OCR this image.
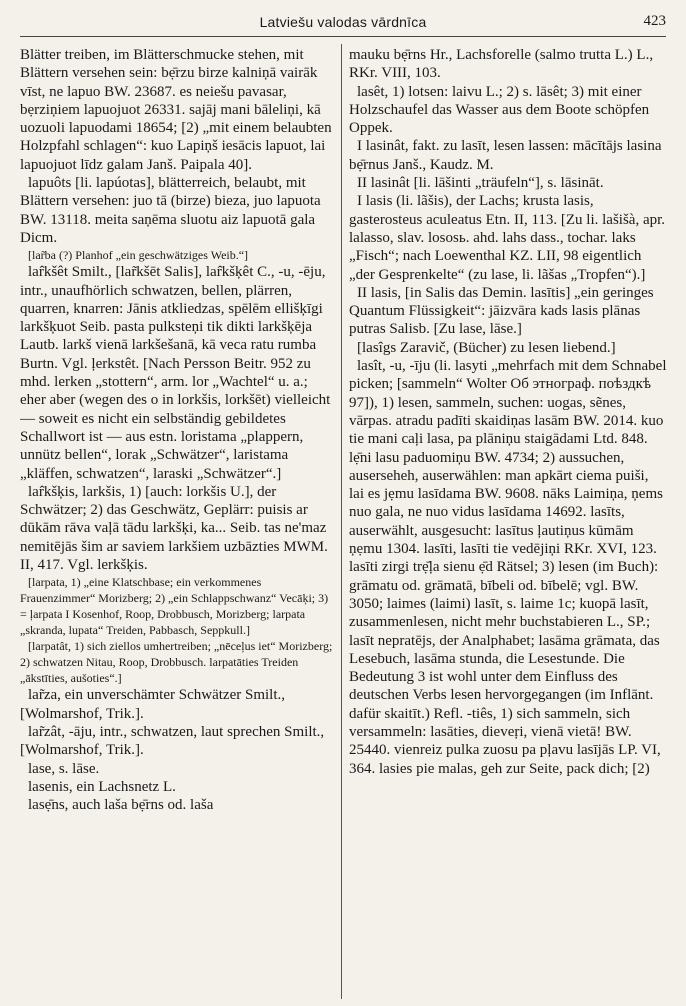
Latviešu valodas vārdnīca	423

Blätter treiben, im Blätterschmucke stehen, mit Blättern versehen sein: bẹ̄rzu birze kalniņā vairāk vīst, ne lapuo BW. 23687. es neiešu pavasar, bẹrziņiem lapuojuot 26331. sajāj mani bāleliņi, kā uozuoli lapuodami 18654; [2) „mit einem belaubten Holzpfahl schlagen“: kuo Lapiņš iesācis lapuot, lai lapuojuot līdz galam Janš. Paipala 40].

lapuôts [li. lapúotas], blätterreich, belaubt, mit Blättern versehen: juo tā (birze) bieza, juo lapuota BW. 13118. meita saņēma sluotu aiz lapuotā gala Dicm.

[lar̃ba (?) Planhof „ein geschwätziges Weib.“]

lar̂kšêt Smilt., [lar̃kšēt Salis], lar̂kšķêt C., -u, -ēju, intr., unaufhörlich schwatzen, bellen, plärren, quarren, knarren: Jānis atkliedzas, spēlēm ellišķīgi larkšķuot Seib. pasta pulksteņi tik dikti larkšķēja Lautb. larkš vienā larkšešanā, kā veca ratu rumba Burtn. Vgl. ļerkstêt. [Nach Persson Beitr. 952 zu mhd. lerken „stottern“, arm. lor „Wachtel“ u. a.; eher aber (wegen des o in lorkšis, lorkšēt) vielleicht — soweit es nicht ein selbständig gebildetes Schallwort ist — aus estn. loristama „plappern, unnütz bellen“, lorak „Schwätzer“, laristama „kläffen, schwatzen“, laraski „Schwätzer“.]

lar̂kšķis, larkšis, 1) [auch: lorkšis U.], der Schwätzer; 2) das Geschwätz, Geplärr: puisis ar dūkām rāva vaļā tādu larkšķi, ka... Seib. tas ne'maz nemitējās šim ar saviem larkšiem uzbāzties MWM. II, 417. Vgl. lerkšķis.

[larpata, 1) „eine Klatschbase; ein verkommenes Frauenzimmer“ Morizberg; 2) „ein Schlappschwanz“ Vecāķi; 3) = ļarpata I Kosenhof, Roop, Drobbusch, Morizberg; larpata „skranda, lupata“ Treiden, Pabbasch, Seppkull.]

[larpatât, 1) sich ziellos umhertreiben; „nēceļus iet“ Morizberg; 2) schwatzen Nitau, Roop, Drobbusch. larpatāties Treiden „ākstīties, aušoties“.]

lar̃za, ein unverschämter Schwätzer Smilt., [Wolmarshof, Trik.].

lar̃zât, -āju, intr., schwatzen, laut sprechen Smilt., [Wolmarshof, Trik.].

lase, s. lāse.

lasenis, ein Lachsnetz L.

lasẹ̄ns, auch laša bẹ̄rns od. laša

mauku bẹ̄rns Hr., Lachsforelle (salmo trutta L.) L., RKr. VIII, 103.

lasêt, 1) lotsen: laivu L.; 2) s. lāsêt; 3) mit einer Holzschaufel das Wasser aus dem Boote schöpfen Oppek.

I lasinât, fakt. zu lasīt, lesen lassen: mācītājs lasina bẹ̄rnus Janš., Kaudz. M.

II lasinât [li. lāšinti „träufeln“], s. lāsināt.

I lasis (li. lãšis), der Lachs; krusta lasis, gasterosteus aculeatus Etn. II, 113. [Zu li. lašišà, apr. lalasso, slav. lososь. ahd. lahs dass., tochar. laks „Fisch“; nach Loewenthal KZ. LII, 98 eigentlich „der Gesprenkelte“ (zu lase, li. lãšas „Tropfen“).]

II lasis, [in Salis das Demin. lasītis] „ein geringes Quantum Flüssigkeit“: jāizvāra kads lasis plānas putras Salisb. [Zu lase, lāse.]

[lasîgs Zaravič, (Bücher) zu lesen liebend.]

lasît, -u, -īju (li. lasyti „mehrfach mit dem Schnabel picken; [sammeln“ Wolter Об этнограф. поѣздкѣ 97]), 1) lesen, sammeln, suchen: uogas, sẽnes, vārpas. atradu padīti skaidiņas lasām BW. 2014. kuo tie mani caļi lasa, pa plāniņu staigādami Ltd. 848. lẹ̄ni lasu paduomiņu BW. 4734; 2) aussuchen, auserseheh, auserwählen: man apkārt ciema puiši, lai es jẹmu lasīdama BW. 9608. nāks Laimiņa, ņems nuo gala, ne nuo vidus lasīdama 14692. lasīts, auserwählt, ausgesucht: lasītus ļautiņus kūmām ņẹmu 1304. lasīti, lasīti tie vedējiņi RKr. XVI, 123. lasīti zirgi trẹ̄ļa sienu ẹ̄d Rätsel; 3) lesen (im Buch): grāmatu od. grāmatā, bībeli od. bībelē; vgl. BW. 3050; laimes (laimi) lasīt, s. laime 1c; kuopā lasīt, zusammenlesen, nicht mehr buchstabieren L., SP.; lasīt nepratējs, der Analphabet; lasāma grāmata, das Lesebuch, lasāma stunda, die Lesestunde. Die Bedeutung 3 ist wohl unter dem Einfluss des deutschen Verbs lesen hervorgegangen (im Inflānt. dafür skaitīt.) Refl. -tiês, 1) sich sammeln, sich versammeln: lasāties, dieveŗi, vienā vietā! BW. 25440. vienreiz pulka zuosu pa pļavu lasījās LP. VI, 364. lasies pie malas, geh zur Seite, pack dich; [2)
